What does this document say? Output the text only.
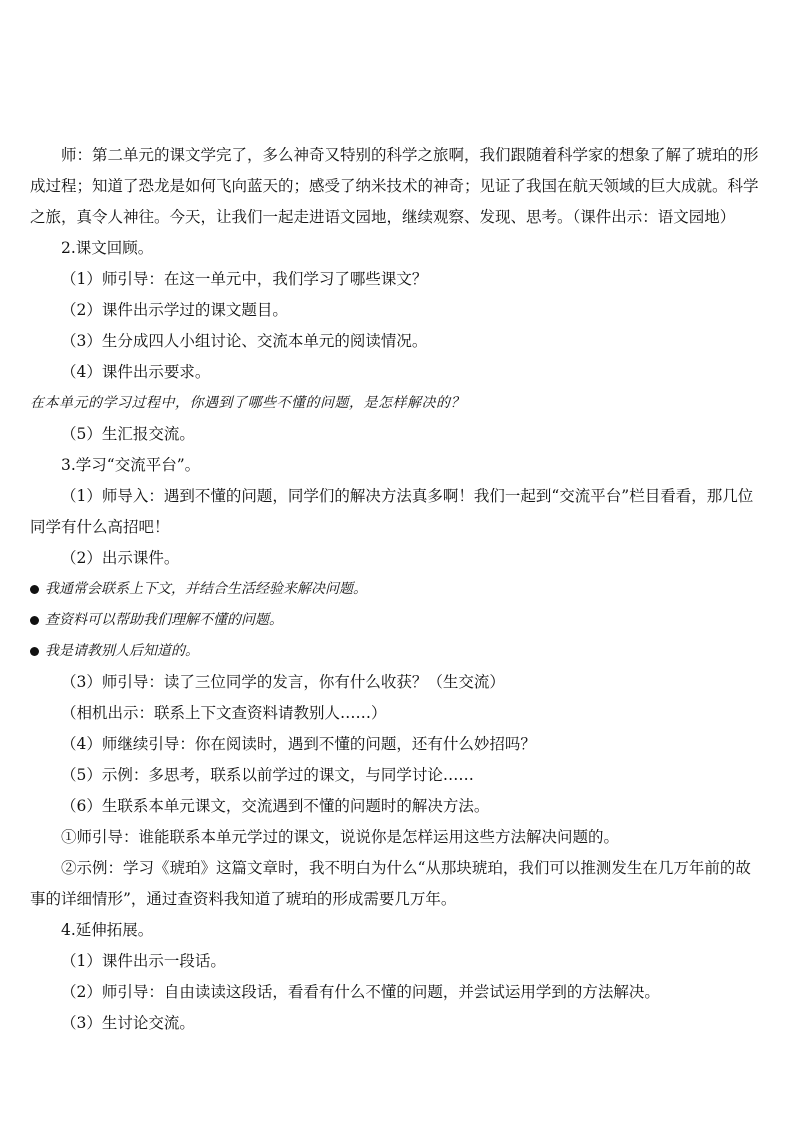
师：第二单元的课文学完了，多么神奇又特别的科学之旅啊，我们跟随着科学家的想象了解了琥珀的形成过程；知道了恐龙是如何飞向蓝天的；感受了纳米技术的神奇；见证了我国在航天领域的巨大成就。科学之旅，真令人神往。今天，让我们一起走进语文园地，继续观察、发现、思考。（课件出示：语文园地）

2.课文回顾。

（1）师引导：在这一单元中，我们学习了哪些课文？

（2）课件出示学过的课文题目。

（3）生分成四人小组讨论、交流本单元的阅读情况。

（4）课件出示要求。

在本单元的学习过程中，你遇到了哪些不懂的问题，是怎样解决的？

（5）生汇报交流。

3.学习“交流平台”。

（1）师导入：遇到不懂的问题，同学们的解决方法真多啊！我们一起到“交流平台”栏目看看，那几位同学有什么高招吧！

（2）出示课件。

我通常会联系上下文，并结合生活经验来解决问题。
查资料可以帮助我们理解不懂的问题。
我是请教别人后知道的。

（3）师引导：读了三位同学的发言，你有什么收获？（生交流）

（相机出示：联系上下文查资料请教别人……）

（4）师继续引导：你在阅读时，遇到不懂的问题，还有什么妙招吗？

（5）示例：多思考，联系以前学过的课文，与同学讨论……

（6）生联系本单元课文，交流遇到不懂的问题时的解决方法。

①师引导：谁能联系本单元学过的课文，说说你是怎样运用这些方法解决问题的。

②示例：学习《琥珀》这篇文章时，我不明白为什么“从那块琥珀，我们可以推测发生在几万年前的故事的详细情形”，通过查资料我知道了琥珀的形成需要几万年。

4.延伸拓展。

（1）课件出示一段话。

（2）师引导：自由读读这段话，看看有什么不懂的问题，并尝试运用学到的方法解决。

（3）生讨论交流。
